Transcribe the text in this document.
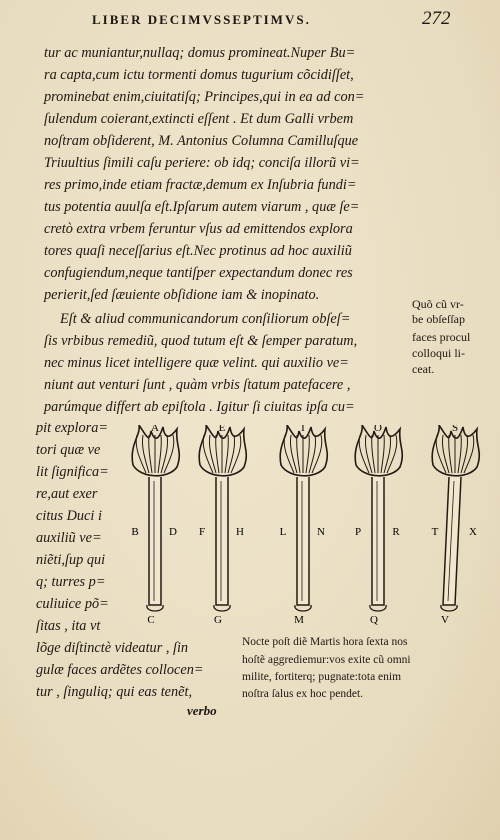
LIBER DECIMVSSEPTIMVS.	272
A
B	D
C
E
F	H
G
I
L	N
M
O
P	R
Q
S
T	X
V
verbo
tur ac muniantur,nullaq; domus promineat.Nuper Bu=
ra capta,cum ictu tormenti domus tugurium cõcidiſſet,
prominebat enim,ciuitatiſq; Principes,qui in ea ad con=
ſulendum coierant,extincti eſſent . Et dum Galli vrbem
noſtram obſiderent, M. Antonius Columna Camilluſque
Triuultius ſimili caſu periere: ob idq; conciſa illorũ vi=
res primo,inde etiam fractæ,demum ex Inſubria fundi=
tus potentia auulſa eſt.Ipſarum autem viarum , quæ ſe=
cretò extra vrbem feruntur vſus ad emittendos explora
tores quaſi neceſſarius eſt.Nec protinus ad hoc auxiliũ
confugiendum,neque tantiſper expectandum donec res
perierit,ſed ſæuiente obſidione iam & inopinato.
Eſt & aliud communicandorum conſiliorum obſeſ=
ſis vrbibus remediũ, quod tutum eſt & ſemper paratum,
nec minus licet intelligere quæ velint. qui auxilio ve=
niunt aut venturi ſunt , quàm vrbis ſtatum patefacere ,
parúmque differt ab epiſtola . Igitur ſi ciuitas ipſa cu=
Quõ cũ vr-
be obſeſſap
faces procul
colloqui li-
ceat.
pit explora=
tori quæ ve
lit ſignifica=
re,aut exer
citus Duci i
auxiliũ ve=
niẽti,ſup qui
q; turres p=
culiuice põ=
ſitas , ita vt
lõge diſtinctè videatur , ſin
gulæ faces ardẽtes collocen=
tur , ſinguliq; qui eas tenẽt,
Nocte poſt diẽ Martis hora ſexta nos
hoſtẽ aggrediemur:vos exite cũ omni
milite, fortiterq; pugnate:tota enim
noſtra ſalus ex hoc pendet.
